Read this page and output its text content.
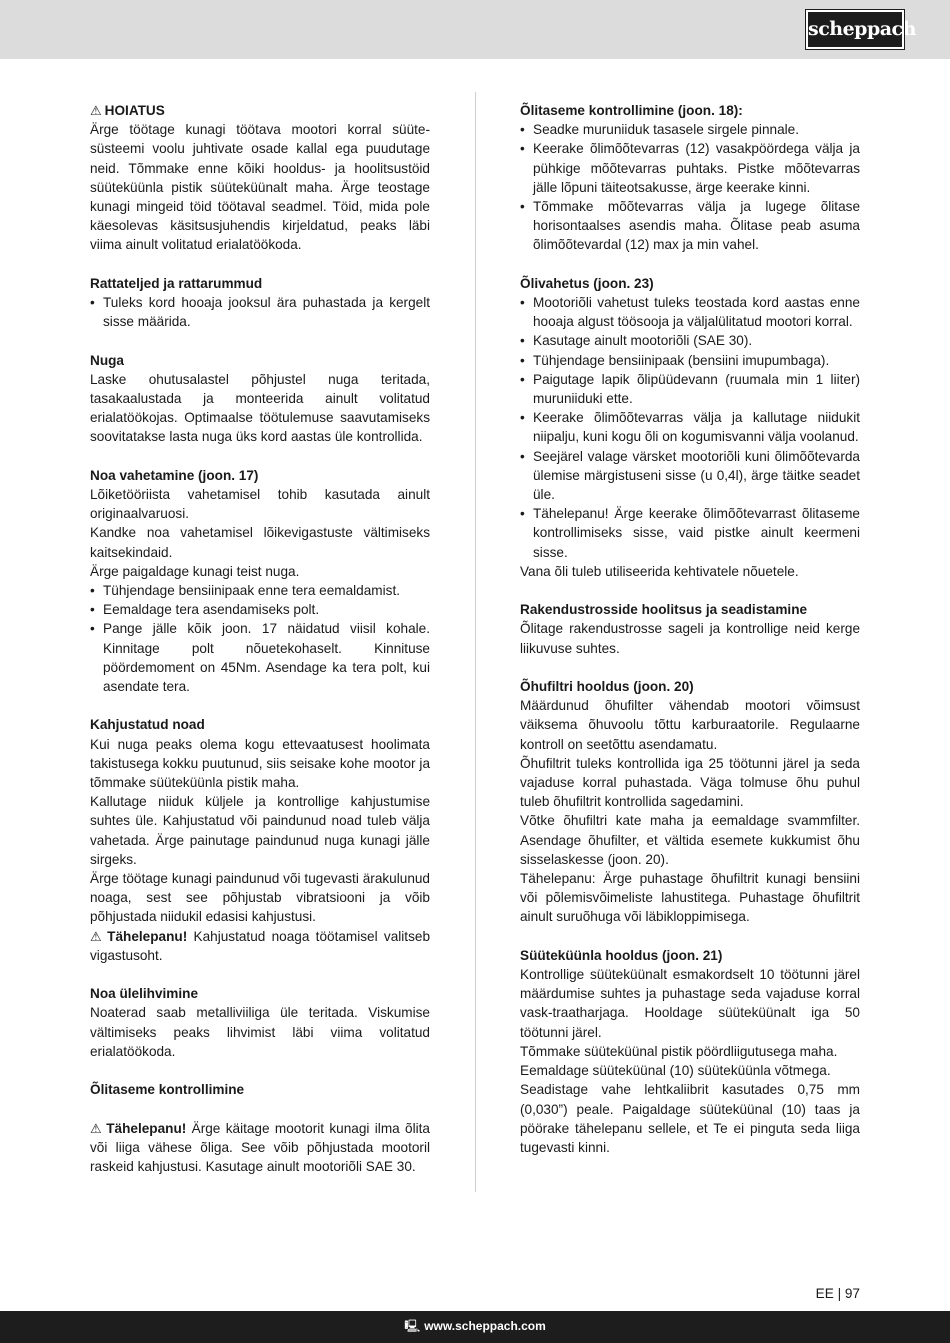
scheppach
⚠ HOIATUS

Ärge töötage kunagi töötava mootori korral süüte-süsteemi voolu juhtivate osade kallal ega puudutage neid. Tõmmake enne kõiki hooldus- ja hoolitsustöid süüteküünla pistik süüteküünalt maha. Ärge teostage kunagi mingeid töid töötaval seadmel. Töid, mida pole käesolevas käsitsusjuhendis kirjeldatud, peaks läbi viima ainult volitatud erialatöökoda.

Rattateljed ja rattarummud
• Tuleks kord hooaja jooksul ära puhastada ja kergelt sisse määrida.
Nuga

Laske ohutusalastel põhjustel nuga teritada, tasakaalustada ja monteerida ainult volitatud erialatöökojas. Optimaalse töötulemuse saavutamiseks soovitatakse lasta nuga üks kord aastas üle kontrollida.

Noa vahetamine (joon. 17)

Lõiketööriista vahetamisel tohib kasutada ainult originaalvaruosi.

Kandke noa vahetamisel lõikevigastuste vältimiseks kaitsekindaid.

Ärge paigaldage kunagi teist nuga.

• Tühjendage bensiinipaak enne tera eemaldamist.
• Eemaldage tera asendamiseks polt.
• Pange jälle kõik joon. 17 näidatud viisil kohale. Kinnitage polt nõuetekohaselt. Kinnituse pöördemoment on 45Nm. Asendage ka tera polt, kui asendate tera.
Kahjustatud noad

Kui nuga peaks olema kogu ettevaatusest hoolimata takistusega kokku puutunud, siis seisake kohe mootor ja tõmmake süüteküünla pistik maha.

Kallutage niiduk küljele ja kontrollige kahjustumise suhtes üle. Kahjustatud või paindunud noad tuleb välja vahetada. Ärge painutage paindunud nuga kunagi jälle sirgeks.

Ärge töötage kunagi paindunud või tugevasti ärakulunud noaga, sest see põhjustab vibratsiooni ja võib põhjustada niidukil edasisi kahjustusi.

⚠ Tähelepanu! Kahjustatud noaga töötamisel valitseb vigastusoht.

Noa ülelihvimine

Noaterad saab metalliviiliga üle teritada. Viskumise vältimiseks peaks lihvimist läbi viima volitatud erialatöökoda.

Õlitaseme kontrollimine

⚠ Tähelepanu! Ärge käitage mootorit kunagi ilma õlita või liiga vähese õliga. See võib põhjustada mootoril raskeid kahjustusi. Kasutage ainult mootoriõli SAE 30.

Õlitaseme kontrollimine (joon. 18):
• Seadke muruniiduk tasasele sirgele pinnale.
• Keerake õlimõõtevarras (12) vasakpöördega välja ja pühkige mõõtevarras puhtaks. Pistke mõõtevarras jälle lõpuni täiteotsakusse, ärge keerake kinni.
• Tõmmake mõõtevarras välja ja lugege õlitase horisontaalses asendis maha. Õlitase peab asuma õlimõõtevardal (12) max ja min vahel.
Õlivahetus (joon. 23)
• Mootoriõli vahetust tuleks teostada kord aastas enne hooaja algust töösooja ja väljalülitatud mootori korral.
• Kasutage ainult mootoriõli (SAE 30).
• Tühjendage bensiinipaak (bensiini imupumbaga).
• Paigutage lapik õlipüüdevann (ruumala min 1 liiter) muruniiduki ette.
• Keerake õlimõõtevarras välja ja kallutage niidukit niipalju, kuni kogu õli on kogumisvanni välja voolanud.
• Seejärel valage värsket mootoriõli kuni õlimõõtevarda ülemise märgistuseni sisse (u 0,4l), ärge täitke seadet üle.
• Tähelepanu! Ärge keerake õlimõõtevarrast õlitaseme kontrollimiseks sisse, vaid pistke ainult keermeni sisse.

Vana õli tuleb utiliseerida kehtivatele nõuetele.

Rakendustrosside hoolitsus ja seadistamine

Õlitage rakendustrosse sageli ja kontrollige neid kerge liikuvuse suhtes.

Õhufiltri hooldus (joon. 20)

Määrdunud õhufilter vähendab mootori võimsust väiksema õhuvoolu tõttu karburaatorile. Regulaarne kontroll on seetõttu asendamatu.

Õhufiltrit tuleks kontrollida iga 25 töötunni järel ja seda vajaduse korral puhastada. Väga tolmuse õhu puhul tuleb õhufiltrit kontrollida sagedamini.

Võtke õhufiltri kate maha ja eemaldage svammfilter. Asendage õhufilter, et vältida esemete kukkumist õhu sisselaskesse (joon. 20).

Tähelepanu: Ärge puhastage õhufiltrit kunagi bensiini või põlemisvõimeliste lahustitega. Puhastage õhufiltrit ainult suruõhuga või läbikloppimisega.

Süüteküünla hooldus (joon. 21)

Kontrollige süüteküünalt esmakordselt 10 töötunni järel määrdumise suhtes ja puhastage seda vajaduse korral vask-traatharjaga. Hooldage süüteküünalt iga 50 töötunni järel.

Tõmmake süüteküünal pistik pöördliigutusega maha.

Eemaldage süüteküünal (10) süüteküünla võtmega.

Seadistage vahe lehtkaliibrit kasutades 0,75 mm (0,030”) peale. Paigaldage süüteküünal (10) taas ja pöörake tähelepanu sellele, et Te ei pinguta seda liiga tugevasti kinni.

EE | 97
🖳 www.scheppach.com
